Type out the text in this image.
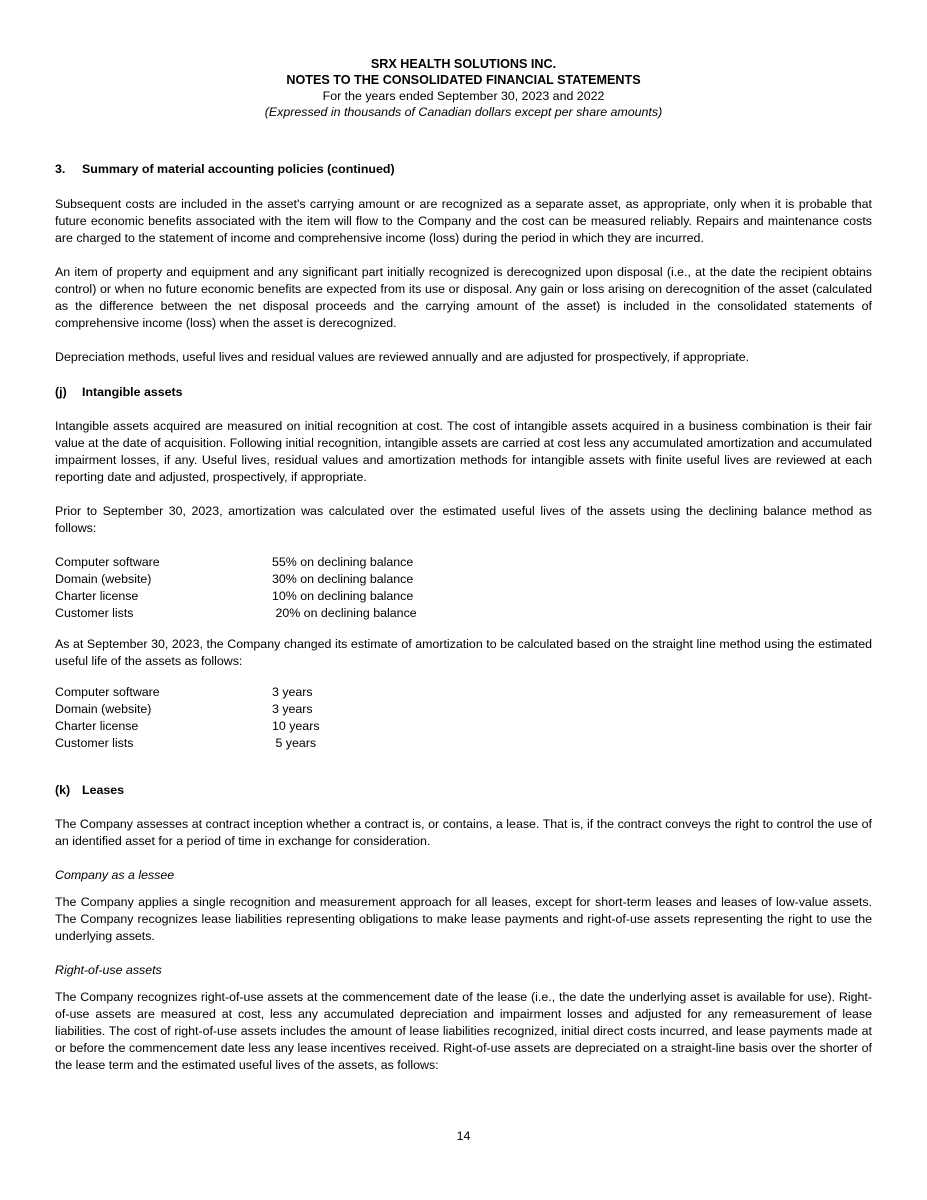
SRX HEALTH SOLUTIONS INC.
NOTES TO THE CONSOLIDATED FINANCIAL STATEMENTS
For the years ended September 30, 2023 and 2022
(Expressed in thousands of Canadian dollars except per share amounts)
3. Summary of material accounting policies (continued)

Subsequent costs are included in the asset's carrying amount or are recognized as a separate asset, as appropriate, only when it is probable that future economic benefits associated with the item will flow to the Company and the cost can be measured reliably. Repairs and maintenance costs are charged to the statement of income and comprehensive income (loss) during the period in which they are incurred.

An item of property and equipment and any significant part initially recognized is derecognized upon disposal (i.e., at the date the recipient obtains control) or when no future economic benefits are expected from its use or disposal. Any gain or loss arising on derecognition of the asset (calculated as the difference between the net disposal proceeds and the carrying amount of the asset) is included in the consolidated statements of comprehensive income (loss) when the asset is derecognized.

Depreciation methods, useful lives and residual values are reviewed annually and are adjusted for prospectively, if appropriate.

(j) Intangible assets

Intangible assets acquired are measured on initial recognition at cost. The cost of intangible assets acquired in a business combination is their fair value at the date of acquisition. Following initial recognition, intangible assets are carried at cost less any accumulated amortization and accumulated impairment losses, if any. Useful lives, residual values and amortization methods for intangible assets with finite useful lives are reviewed at each reporting date and adjusted, prospectively, if appropriate.

Prior to September 30, 2023, amortization was calculated over the estimated useful lives of the assets using the declining balance method as follows:

Computer software	55% on declining balance
Domain (website)	30% on declining balance
Charter license	10% on declining balance
Customer lists	20% on declining balance

As at September 30, 2023, the Company changed its estimate of amortization to be calculated based on the straight line method using the estimated useful life of the assets as follows:

Computer software	3 years
Domain (website)	3 years
Charter license	10 years
Customer lists	5 years
(k) Leases

The Company assesses at contract inception whether a contract is, or contains, a lease. That is, if the contract conveys the right to control the use of an identified asset for a period of time in exchange for consideration.

Company as a lessee

The Company applies a single recognition and measurement approach for all leases, except for short-term leases and leases of low-value assets. The Company recognizes lease liabilities representing obligations to make lease payments and right-of-use assets representing the right to use the underlying assets.

Right-of-use assets

The Company recognizes right-of-use assets at the commencement date of the lease (i.e., the date the underlying asset is available for use). Right-of-use assets are measured at cost, less any accumulated depreciation and impairment losses and adjusted for any remeasurement of lease liabilities. The cost of right-of-use assets includes the amount of lease liabilities recognized, initial direct costs incurred, and lease payments made at or before the commencement date less any lease incentives received. Right-of-use assets are depreciated on a straight-line basis over the shorter of the lease term and the estimated useful lives of the assets, as follows:

14
